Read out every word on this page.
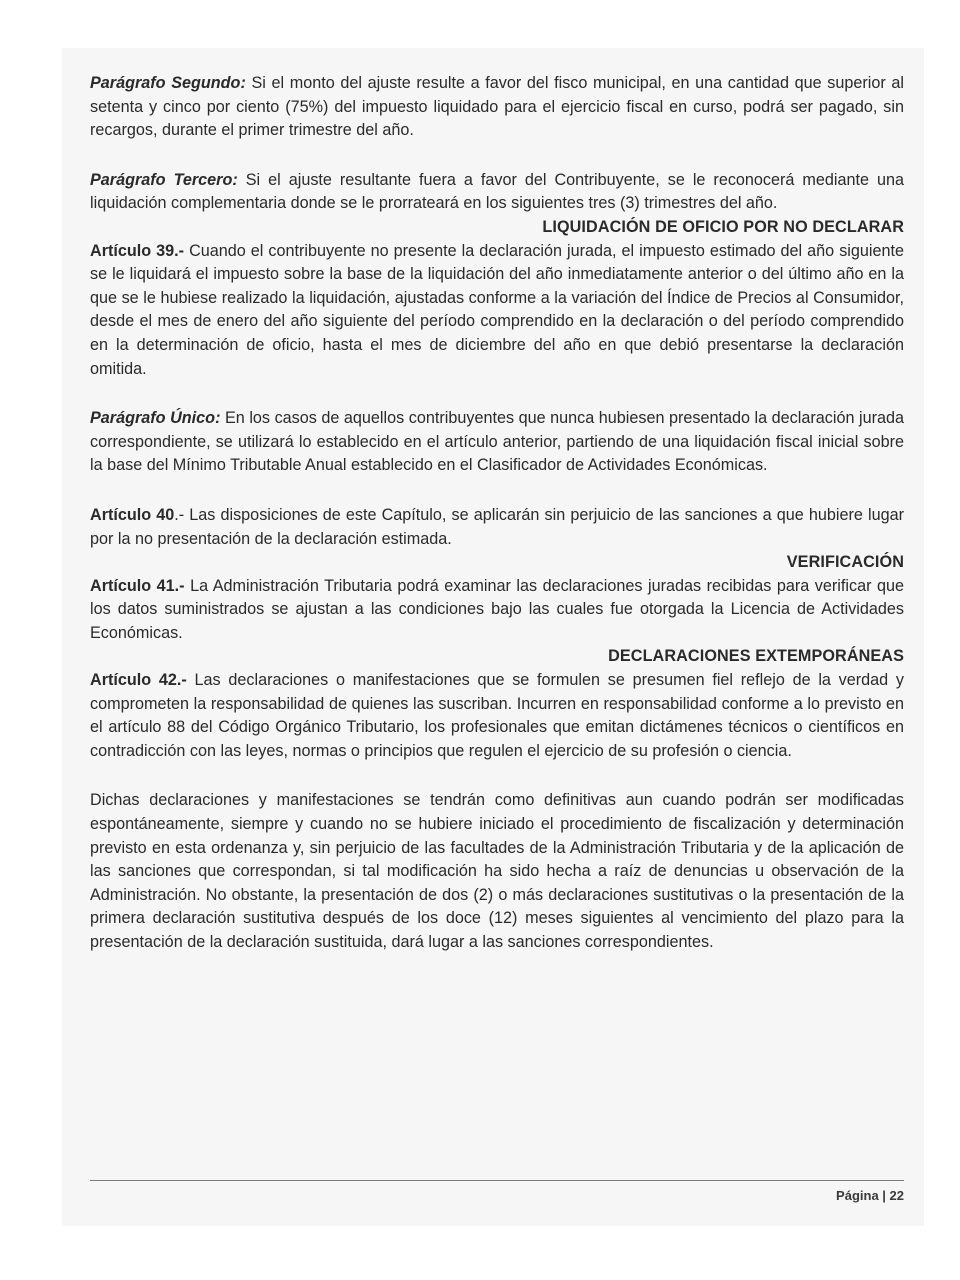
Parágrafo Segundo: Si el monto del ajuste resulte a favor del fisco municipal, en una cantidad que superior al setenta y cinco por ciento (75%) del impuesto liquidado para el ejercicio fiscal en curso, podrá ser pagado, sin recargos, durante el primer trimestre del año.

Parágrafo Tercero: Si el ajuste resultante fuera a favor del Contribuyente, se le reconocerá mediante una liquidación complementaria donde se le prorrateará en los siguientes tres (3) trimestres del año.

LIQUIDACIÓN DE OFICIO POR NO DECLARAR

Artículo 39.- Cuando el contribuyente no presente la declaración jurada, el impuesto estimado del año siguiente se le liquidará el impuesto sobre la base de la liquidación del año inmediatamente anterior o del último año en la que se le hubiese realizado la liquidación, ajustadas conforme a la variación del Índice de Precios al Consumidor, desde el mes de enero del año siguiente del período comprendido en la declaración o del período comprendido en la determinación de oficio, hasta el mes de diciembre del año en que debió presentarse la declaración omitida.

Parágrafo Único: En los casos de aquellos contribuyentes que nunca hubiesen presentado la declaración jurada correspondiente, se utilizará lo establecido en el artículo anterior, partiendo de una liquidación fiscal inicial sobre la base del Mínimo Tributable Anual establecido en el Clasificador de Actividades Económicas.

Artículo 40.- Las disposiciones de este Capítulo, se aplicarán sin perjuicio de las sanciones a que hubiere lugar por la no presentación de la declaración estimada.

VERIFICACIÓN

Artículo 41.- La Administración Tributaria podrá examinar las declaraciones juradas recibidas para verificar que los datos suministrados se ajustan a las condiciones bajo las cuales fue otorgada la Licencia de Actividades Económicas.

DECLARACIONES EXTEMPORÁNEAS

Artículo 42.- Las declaraciones o manifestaciones que se formulen se presumen fiel reflejo de la verdad y comprometen la responsabilidad de quienes las suscriban. Incurren en responsabilidad conforme a lo previsto en el artículo 88 del Código Orgánico Tributario, los profesionales que emitan dictámenes técnicos o científicos en contradicción con las leyes, normas o principios que regulen el ejercicio de su profesión o ciencia.

Dichas declaraciones y manifestaciones se tendrán como definitivas aun cuando podrán ser modificadas espontáneamente, siempre y cuando no se hubiere iniciado el procedimiento de fiscalización y determinación previsto en esta ordenanza y, sin perjuicio de las facultades de la Administración Tributaria y de la aplicación de las sanciones que correspondan, si tal modificación ha sido hecha a raíz de denuncias u observación de la Administración. No obstante, la presentación de dos (2) o más declaraciones sustitutivas o la presentación de la primera declaración sustitutiva después de los doce (12) meses siguientes al vencimiento del plazo para la presentación de la declaración sustituida, dará lugar a las sanciones correspondientes.

Página | 22
